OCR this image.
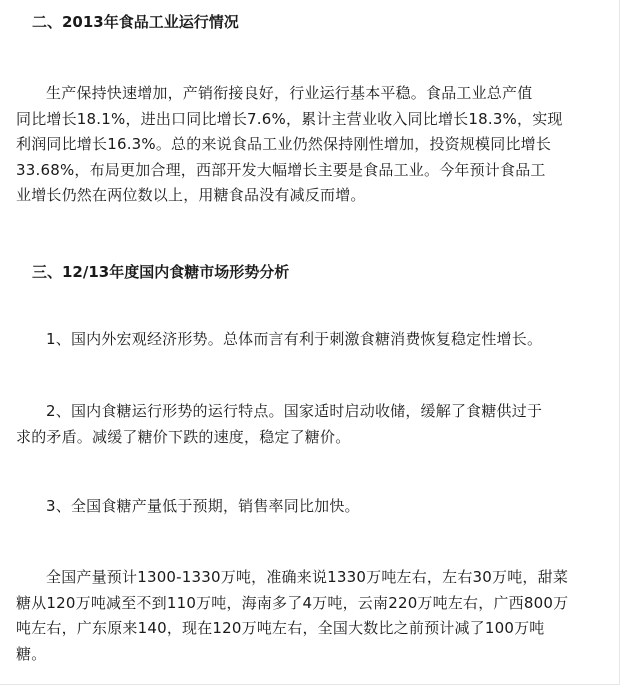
二、2013年食品工业运行情况
生产保持快速增加，产销衔接良好，行业运行基本平稳。食品工业总产值
同比增长18.1%，进出口同比增长7.6%，累计主营业收入同比增长18.3%，实现
利润同比增长16.3%。总的来说食品工业仍然保持刚性增加，投资规模同比增长
33.68%，布局更加合理，西部开发大幅增长主要是食品工业。今年预计食品工
业增长仍然在两位数以上，用糖食品没有减反而增。
三、12/13年度国内食糖市场形势分析
1、国内外宏观经济形势。总体而言有利于刺激食糖消费恢复稳定性增长。
2、国内食糖运行形势的运行特点。国家适时启动收储，缓解了食糖供过于
求的矛盾。减缓了糖价下跌的速度，稳定了糖价。
3、全国食糖产量低于预期，销售率同比加快。
全国产量预计1300-1330万吨，准确来说1330万吨左右，左右30万吨，甜菜
糖从120万吨减至不到110万吨，海南多了4万吨，云南220万吨左右，广西800万
吨左右，广东原来140，现在120万吨左右，全国大数比之前预计减了100万吨
糖。
